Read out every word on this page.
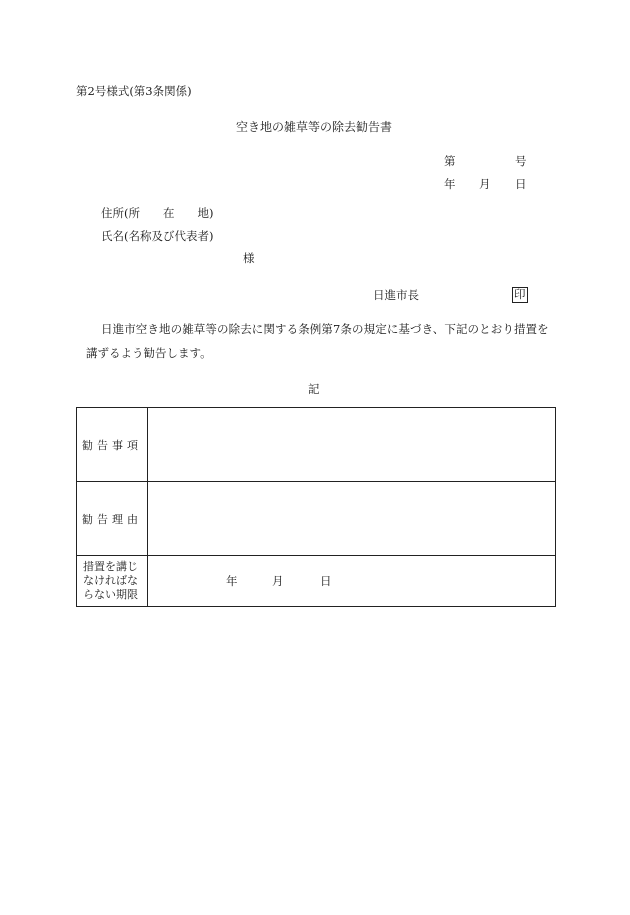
第2号様式(第3条関係)
空き地の雑草等の除去勧告書
第	号
年 月 日
住所(所　　在　　地)
氏名(名称及び代表者)
様
日進市長	印
日進市空き地の雑草等の除去に関する条例第7条の規定に基づき、下記のとおり措置を
講ずるよう勧告します。
記
勧告事項	
勧告理由	
措置を講じなければならない期限	年 月 日
